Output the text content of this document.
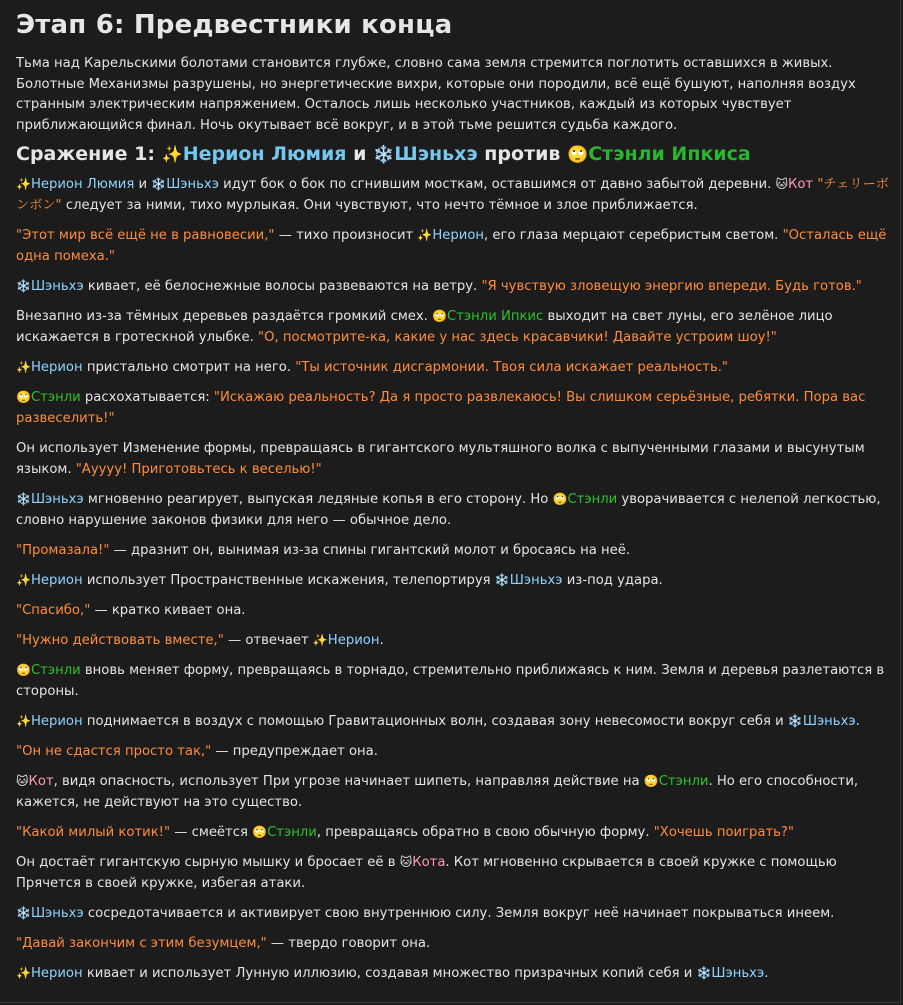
Этап 6: Предвестники конца

Тьма над Карельскими болотами становится глубже, словно сама земля стремится поглотить оставшихся в живых. Болотные Механизмы разрушены, но энергетические вихри, которые они породили, всё ещё бушуют, наполняя воздух странным электрическим напряжением. Осталось лишь несколько участников, каждый из которых чувствует приближающийся финал. Ночь окутывает всё вокруг, и в этой тьме решится судьба каждого.

Сражение 1: ✨Нерион Люмия и ❄️Шэньхэ против 🙄Стэнли Ипкиса

✨Нерион Люмия и ❄️Шэньхэ идут бок о бок по сгнившим мосткам, оставшимся от давно забытой деревни. 🐱Кот "チェリーボンボン" следует за ними, тихо мурлыкая. Они чувствуют, что нечто тёмное и злое приближается.

"Этот мир всё ещё не в равновесии," — тихо произносит ✨Нерион, его глаза мерцают серебристым светом. "Осталась ещё одна помеха."

❄️Шэньхэ кивает, её белоснежные волосы развеваются на ветру. "Я чувствую зловещую энергию впереди. Будь готов."

Внезапно из-за тёмных деревьев раздаётся громкий смех. 🙄Стэнли Ипкис выходит на свет луны, его зелёное лицо искажается в гротескной улыбке. "О, посмотрите-ка, какие у нас здесь красавчики! Давайте устроим шоу!"

✨Нерион пристально смотрит на него. "Ты источник дисгармонии. Твоя сила искажает реальность."

🙄Стэнли расхохатывается: "Искажаю реальность? Да я просто развлекаюсь! Вы слишком серьёзные, ребятки. Пора вас развеселить!"

Он использует Изменение формы, превращаясь в гигантского мультяшного волка с выпученными глазами и высунутым языком. "Ауууу! Приготовьтесь к веселью!"

❄️Шэньхэ мгновенно реагирует, выпуская ледяные копья в его сторону. Но 🙄Стэнли уворачивается с нелепой легкостью, словно нарушение законов физики для него — обычное дело.

"Промазала!" — дразнит он, вынимая из-за спины гигантский молот и бросаясь на неё.

✨Нерион использует Пространственные искажения, телепортируя ❄️Шэньхэ из-под удара.

"Спасибо," — кратко кивает она.

"Нужно действовать вместе," — отвечает ✨Нерион.

🙄Стэнли вновь меняет форму, превращаясь в торнадо, стремительно приближаясь к ним. Земля и деревья разлетаются в стороны.

✨Нерион поднимается в воздух с помощью Гравитационных волн, создавая зону невесомости вокруг себя и ❄️Шэньхэ.

"Он не сдастся просто так," — предупреждает она.

🐱Кот, видя опасность, использует При угрозе начинает шипеть, направляя действие на 🙄Стэнли. Но его способности, кажется, не действуют на это существо.

"Какой милый котик!" — смеётся 🙄Стэнли, превращаясь обратно в свою обычную форму. "Хочешь поиграть?"

Он достаёт гигантскую сырную мышку и бросает её в 🐱Кота. Кот мгновенно скрывается в своей кружке с помощью Прячется в своей кружке, избегая атаки.

❄️Шэньхэ сосредотачивается и активирует свою внутреннюю силу. Земля вокруг неё начинает покрываться инеем.

"Давай закончим с этим безумцем," — твердо говорит она.

✨Нерион кивает и использует Лунную иллюзию, создавая множество призрачных копий себя и ❄️Шэньхэ.
